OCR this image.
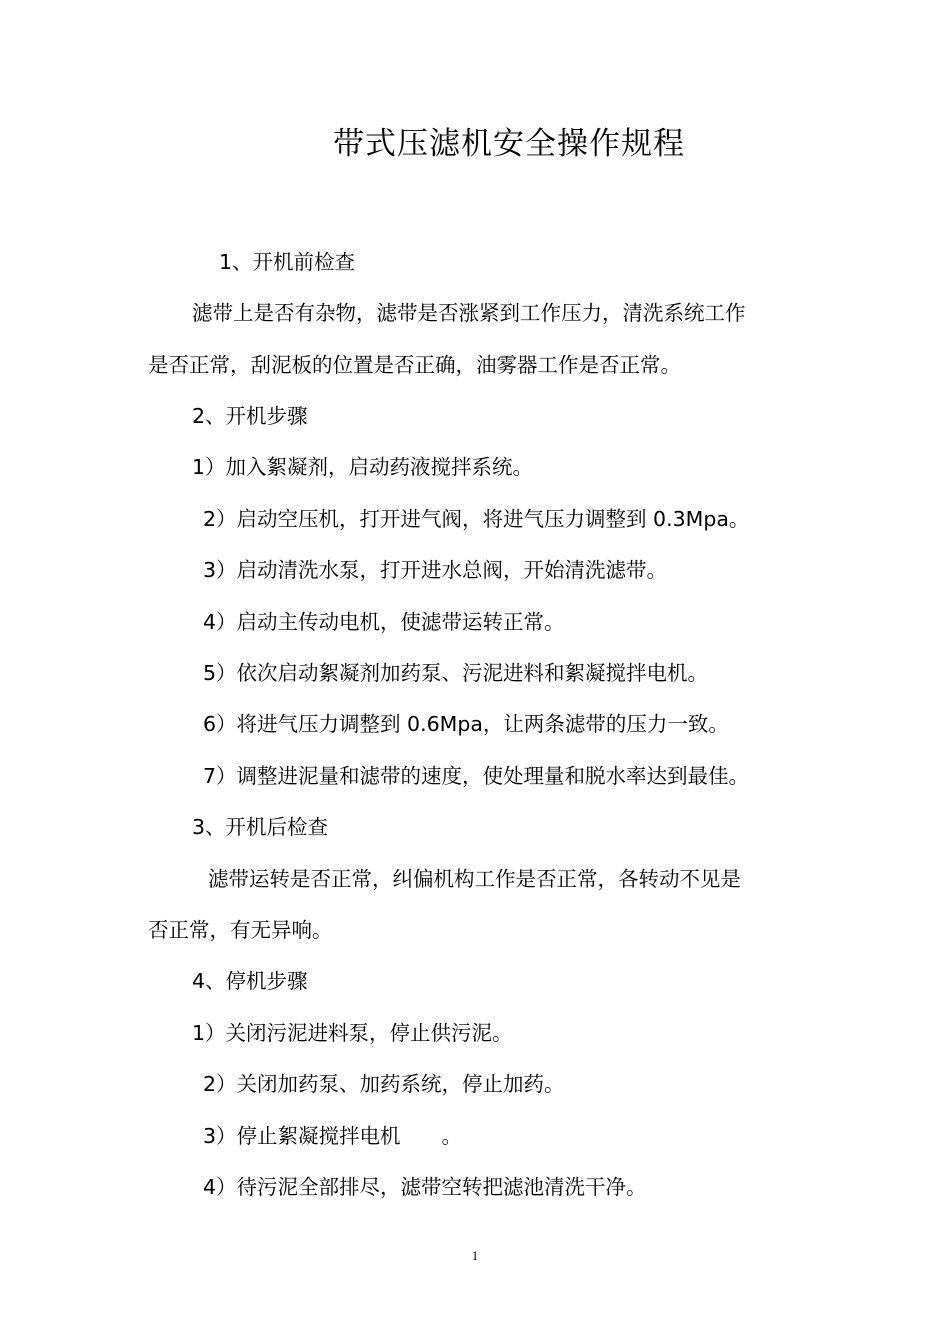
带式压滤机安全操作规程
1、开机前检查
滤带上是否有杂物，滤带是否涨紧到工作压力，清洗系统工作
是否正常，刮泥板的位置是否正确，油雾器工作是否正常。
2、开机步骤
1）加入絮凝剂，启动药液搅拌系统。
2）启动空压机，打开进气阀，将进气压力调整到 0.3Mpa。
3）启动清洗水泵，打开进水总阀，开始清洗滤带。
4）启动主传动电机，使滤带运转正常。
5）依次启动絮凝剂加药泵、污泥进料和絮凝搅拌电机。
6）将进气压力调整到 0.6Mpa，让两条滤带的压力一致。
7）调整进泥量和滤带的速度，使处理量和脱水率达到最佳。
3、开机后检查
滤带运转是否正常，纠偏机构工作是否正常，各转动不见是
否正常，有无异响。
4、停机步骤
1）关闭污泥进料泵，停止供污泥。
2）关闭加药泵、加药系统，停止加药。
3）停止絮凝搅拌电机　　。
4）待污泥全部排尽，滤带空转把滤池清洗干净。
1
